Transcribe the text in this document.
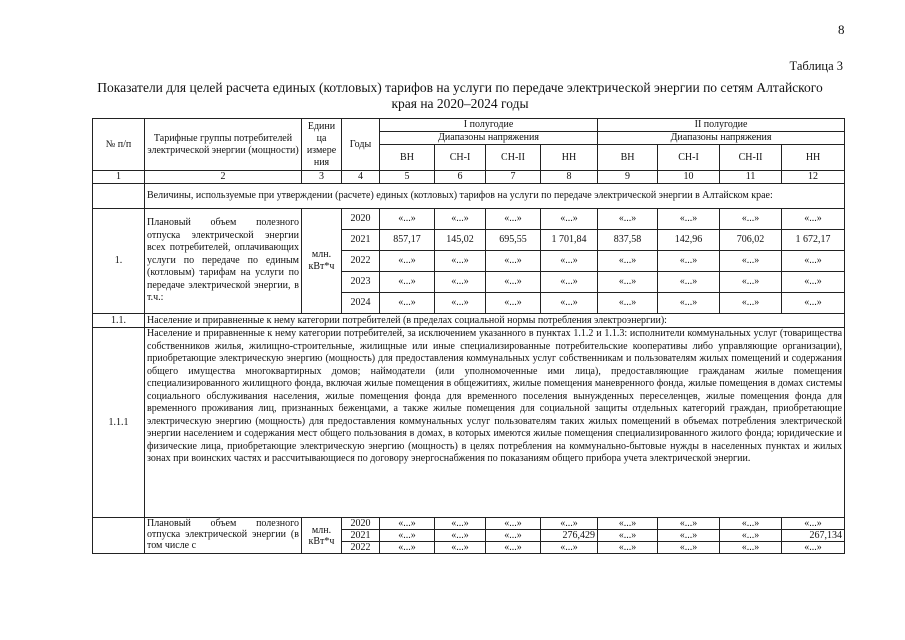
8
Таблица 3
Показатели для целей расчета единых (котловых) тарифов на услуги по передаче электрической энергии по сетям Алтайского края на 2020–2024 годы
№ п/п	Тарифные группы потребителей электрической энергии (мощности)	Едини ца измере ния	Годы	I полугодие				II полугодие			
				Диапазоны напряжения				Диапазоны напряжения			
				ВН	СН-I	СН-II	НН	ВН	СН-I	СН-II	НН
1	2	3	4	5	6	7	8	9	10	11	12
	Величины, используемые при утверждении (расчете) единых (котловых) тарифов на услуги по передаче электрической энергии в Алтайском крае:										
1.	Плановый объем полезного отпуска электрической энергии всех потребителей, оплачивающих услуги по передаче по единым (котловым) тарифам на услуги по передаче электрической энергии, в т.ч.:	млн. кВт*ч	2020	«...»	«...»	«...»	«...»	«...»	«...»	«...»	«...»
			2021	857,17	145,02	695,55	1 701,84	837,58	142,96	706,02	1 672,17
			2022	«...»	«...»	«...»	«...»	«...»	«...»	«...»	«...»
			2023	«...»	«...»	«...»	«...»	«...»	«...»	«...»	«...»
			2024	«...»	«...»	«...»	«...»	«...»	«...»	«...»	«...»
1.1.	Население и приравненные к нему категории потребителей (в пределах социальной нормы потребления электроэнергии):										
1.1.1	Население и приравненные к нему категории потребителей, за исключением указанного в пунктах 1.1.2 и 1.1.3: исполнители коммунальных услуг (товарищества собственников жилья, жилищно-строительные, жилищные или иные специализированные потребительские кооперативы либо управляющие организации), приобретающие электрическую энергию (мощность) для предоставления коммунальных услуг собственникам и пользователям жилых помещений и содержания общего имущества многоквартирных домов; наймодатели (или уполномоченные ими лица), предоставляющие гражданам жилые помещения специализированного жилищного фонда, включая жилые помещения в общежитиях, жилые помещения маневренного фонда, жилые помещения в домах системы социального обслуживания населения, жилые помещения фонда для временного поселения вынужденных переселенцев, жилые помещения фонда для временного проживания лиц, признанных беженцами, а также жилые помещения для социальной защиты отдельных категорий граждан, приобретающие электрическую энергию (мощность) для предоставления коммунальных услуг пользователям таких жилых помещений в объемах потребления электрической энергии населением и содержания мест общего пользования в домах, в которых имеются жилые помещения специализированного жилого фонда; юридические и физические лица, приобретающие электрическую энергию (мощность) в целях потребления на коммунально-бытовые нужды в населенных пунктах и жилых зонах при воинских частях и рассчитывающиеся по договору энергоснабжения по показаниям общего прибора учета электрической энергии.										
	Плановый объем полезного отпуска электрической энергии (в том числе с	млн. кВт*ч	2020	«...»	«...»	«...»	«...»	«...»	«...»	«...»	«...»
			2021	«...»	«...»	«...»	276,429	«...»	«...»	«...»	267,134
			2022	«...»	«...»	«...»	«...»	«...»	«...»	«...»	«...»
